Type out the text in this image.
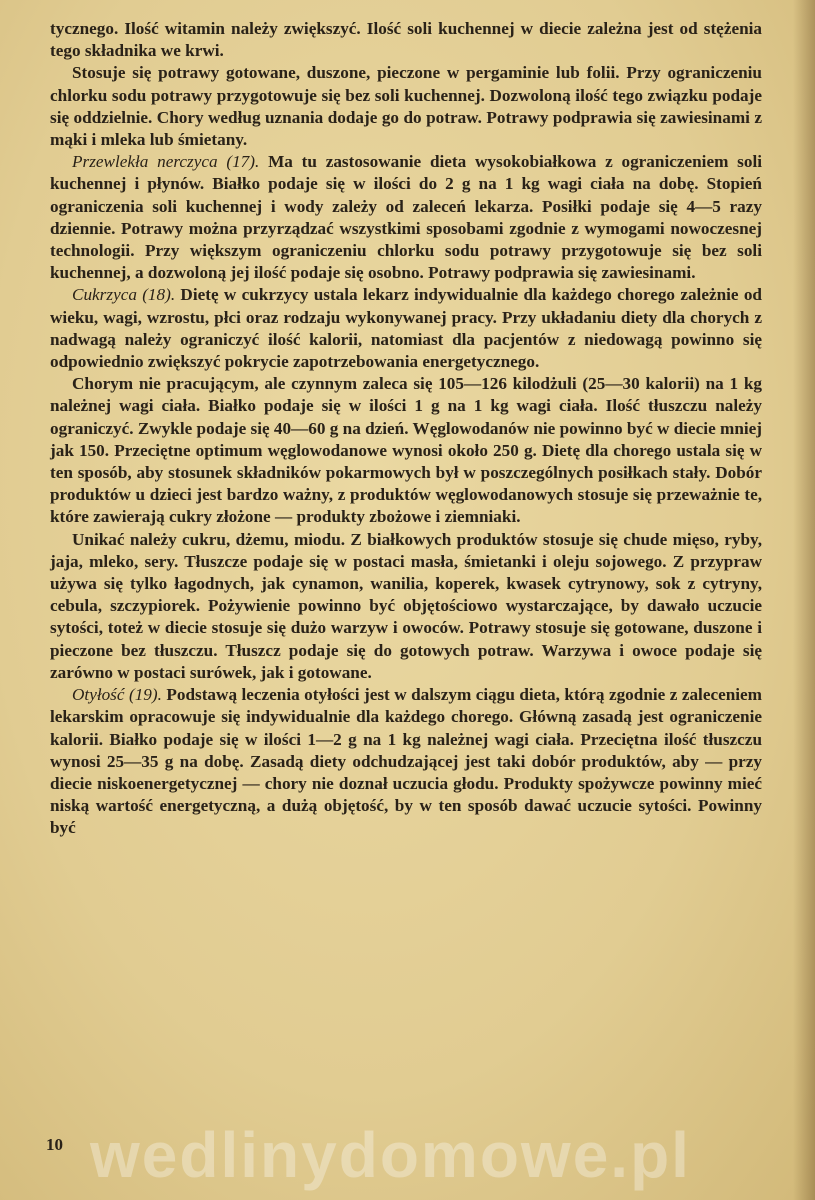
tycznego. Ilość witamin należy zwiększyć. Ilość soli kuchennej w diecie zależna jest od stężenia tego składnika we krwi.

Stosuje się potrawy gotowane, duszone, pieczone w pergaminie lub folii. Przy ograniczeniu chlorku sodu potrawy przygotowuje się bez soli kuchennej. Dozwoloną ilość tego związku podaje się oddzielnie. Chory według uznania dodaje go do potraw. Potrawy podprawia się zawiesinami z mąki i mleka lub śmietany.

Przewlekła nerczyca (17). Ma tu zastosowanie dieta wysokobiałkowa z ograniczeniem soli kuchennej i płynów. Białko podaje się w ilości do 2 g na 1 kg wagi ciała na dobę. Stopień ograniczenia soli kuchennej i wody zależy od zaleceń lekarza. Posiłki podaje się 4—5 razy dziennie. Potrawy można przyrządzać wszystkimi sposobami zgodnie z wymogami nowoczesnej technologii. Przy większym ograniczeniu chlorku sodu potrawy przygotowuje się bez soli kuchennej, a dozwoloną jej ilość podaje się osobno. Potrawy podprawia się zawiesinami.

Cukrzyca (18). Dietę w cukrzycy ustala lekarz indywidualnie dla każdego chorego zależnie od wieku, wagi, wzrostu, płci oraz rodzaju wykonywanej pracy. Przy układaniu diety dla chorych z nadwagą należy ograniczyć ilość kalorii, natomiast dla pacjentów z niedowagą powinno się odpowiednio zwiększyć pokrycie zapotrzebowania energetycznego.

Chorym nie pracującym, ale czynnym zaleca się 105—126 kilodżuli (25—30 kalorii) na 1 kg należnej wagi ciała. Białko podaje się w ilości 1 g na 1 kg wagi ciała. Ilość tłuszczu należy ograniczyć. Zwykle podaje się 40—60 g na dzień. Węglowodanów nie powinno być w diecie mniej jak 150. Przeciętne optimum węglowodanowe wynosi około 250 g. Dietę dla chorego ustala się w ten sposób, aby stosunek składników pokarmowych był w poszczególnych posiłkach stały. Dobór produktów u dzieci jest bardzo ważny, z produktów węglowodanowych stosuje się przeważnie te, które zawierają cukry złożone — produkty zbożowe i ziemniaki.

Unikać należy cukru, dżemu, miodu. Z białkowych produktów stosuje się chude mięso, ryby, jaja, mleko, sery. Tłuszcze podaje się w postaci masła, śmietanki i oleju sojowego. Z przypraw używa się tylko łagodnych, jak cynamon, wanilia, koperek, kwasek cytrynowy, sok z cytryny, cebula, szczypiorek. Pożywienie powinno być objętościowo wystarczające, by dawało uczucie sytości, toteż w diecie stosuje się dużo warzyw i owoców. Potrawy stosuje się gotowane, duszone i pieczone bez tłuszczu. Tłuszcz podaje się do gotowych potraw. Warzywa i owoce podaje się zarówno w postaci surówek, jak i gotowane.

Otyłość (19). Podstawą leczenia otyłości jest w dalszym ciągu dieta, którą zgodnie z zaleceniem lekarskim opracowuje się indywidualnie dla każdego chorego. Główną zasadą jest ograniczenie kalorii. Białko podaje się w ilości 1—2 g na 1 kg należnej wagi ciała. Przeciętna ilość tłuszczu wynosi 25—35 g na dobę. Zasadą diety odchudzającej jest taki dobór produktów, aby — przy diecie niskoenergetycznej — chory nie doznał uczucia głodu. Produkty spożywcze powinny mieć niską wartość energetyczną, a dużą objętość, by w ten sposób dawać uczucie sytości. Powinny być

wedlinydomowe.pl
10
